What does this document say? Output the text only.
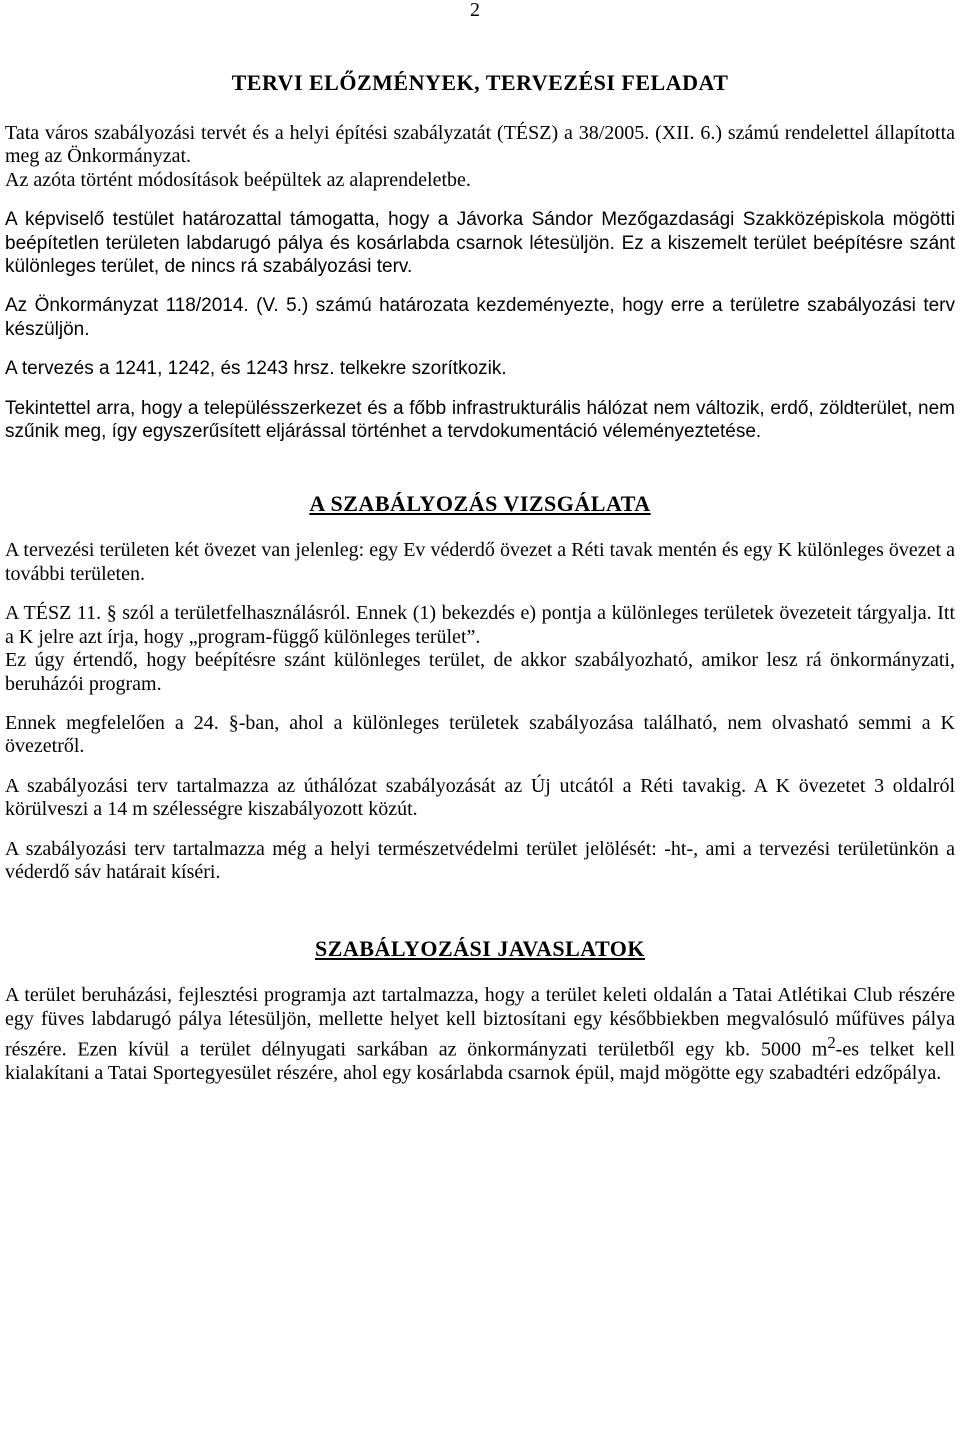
2
TERVI ELŐZMÉNYEK, TERVEZÉSI FELADAT

Tata város szabályozási tervét és a helyi építési szabályzatát (TÉSZ) a 38/2005. (XII. 6.) számú rendelettel állapította meg az Önkormányzat.

Az azóta történt módosítások beépültek az alaprendeletbe.

A képviselő testület határozattal támogatta, hogy a Jávorka Sándor Mezőgazdasági Szakközépiskola mögötti beépítetlen területen labdarugó pálya és kosárlabda csarnok létesüljön. Ez a kiszemelt terület beépítésre szánt különleges terület, de nincs rá szabályozási terv.

Az Önkormányzat 118/2014. (V. 5.) számú határozata kezdeményezte, hogy erre a területre szabályozási terv készüljön.

A tervezés a 1241, 1242, és 1243 hrsz. telkekre szorítkozik.

Tekintettel arra, hogy a településszerkezet és a főbb infrastrukturális hálózat nem változik, erdő, zöldterület, nem szűnik meg, így egyszerűsített eljárással történhet a tervdokumentáció véleményeztetése.

A SZABÁLYOZÁS VIZSGÁLATA

A tervezési területen két övezet van jelenleg: egy Ev véderdő övezet a Réti tavak mentén és egy K különleges övezet a további területen.

A TÉSZ 11. § szól a területfelhasználásról. Ennek (1) bekezdés e) pontja a különleges területek övezeteit tárgyalja. Itt a K jelre azt írja, hogy „program-függő különleges terület”.

Ez úgy értendő, hogy beépítésre szánt különleges terület, de akkor szabályozható, amikor lesz rá önkormányzati, beruházói program.

Ennek megfelelően a 24. §-ban, ahol a különleges területek szabályozása található, nem olvasható semmi a K övezetről.

A szabályozási terv tartalmazza az úthálózat szabályozását az Új utcától a Réti tavakig. A K övezetet 3 oldalról körülveszi a 14 m szélességre kiszabályozott közút.

A szabályozási terv tartalmazza még a helyi természetvédelmi terület jelölését: -ht-, ami a tervezési területünkön a véderdő sáv határait kíséri.

SZABÁLYOZÁSI JAVASLATOK

A terület beruházási, fejlesztési programja azt tartalmazza, hogy a terület keleti oldalán a Tatai Atlétikai Club részére egy füves labdarugó pálya létesüljön, mellette helyet kell biztosítani egy későbbiekben megvalósuló műfüves pálya részére. Ezen kívül a terület délnyugati sarkában az önkormányzati területből egy kb. 5000 $m^2-es$ telket kell kialakítani a Tatai Sportegyesület részére, ahol egy kosárlabda csarnok épül, majd mögötte egy szabadtéri edzőpálya.
